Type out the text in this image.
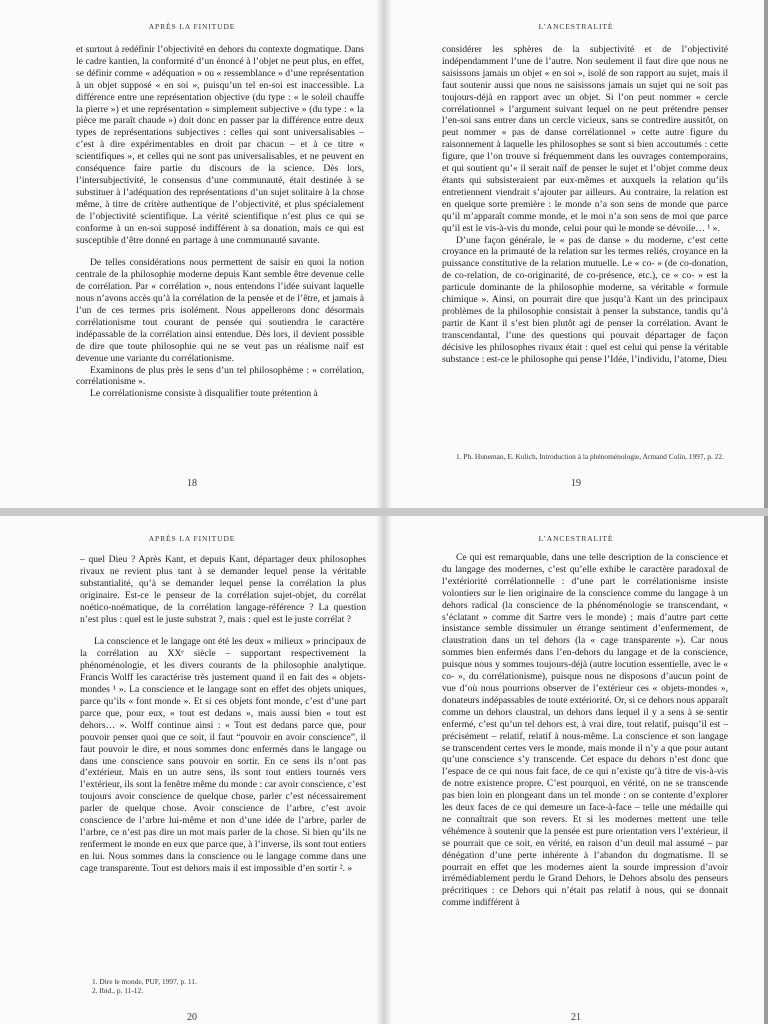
APRÈS LA FINITUDE

et surtout à redéfinir l’objectivité en dehors du contexte dogmatique. Dans le cadre kantien, la conformité d’un énoncé à l’objet ne peut plus, en effet, se définir comme « adéquation » ou « ressemblance » d’une représentation à un objet supposé « en soi », puisqu’un tel en-soi est inaccessible. La différence entre une représentation objective (du type : « le soleil chauffe la pierre ») et une représentation « simplement subjective » (du type : « la pièce me paraît chaude ») doit donc en passer par la différence entre deux types de représentations subjectives : celles qui sont universalisables – c’est à dire expérimentables en droit par chacun – et à ce titre « scientifiques », et celles qui ne sont pas universalisables, et ne peuvent en conséquence faire partie du discours de la science. Dès lors, l’intersubjectivité, le consensus d’une communauté, était destinée à se substituer à l’adéquation des représentations d’un sujet solitaire à la chose même, à titre de critère authentique de l’objectivité, et plus spécialement de l’objectivité scientifique. La vérité scientifique n’est plus ce qui se conforme à un en-soi supposé indifférent à sa donation, mais ce qui est susceptible d’être donné en partage à une communauté savante.

De telles considérations nous permettent de saisir en quoi la notion centrale de la philosophie moderne depuis Kant semble être devenue celle de corrélation. Par « corrélation », nous entendons l’idée suivant laquelle nous n’avons accès qu’à la corrélation de la pensée et de l’être, et jamais à l’un de ces termes pris isolément. Nous appellerons donc désormais corrélationisme tout courant de pensée qui soutiendra le caractère indépassable de la corrélation ainsi entendue. Dès lors, il devient possible de dire que toute philosophie qui ne se veut pas un réalisme naïf est devenue une variante du corrélationisme.

Examinons de plus près le sens d’un tel philosophème : « corrélation, corrélationisme ».

Le corrélationisme consiste à disqualifier toute prétention à

18
L’ANCESTRALITÉ

considérer les sphères de la subjectivité et de l’objectivité indépendamment l’une de l’autre. Non seulement il faut dire que nous ne saisissons jamais un objet « en soi », isolé de son rapport au sujet, mais il faut soutenir aussi que nous ne saisissons jamais un sujet qui ne soit pas toujours-déjà en rapport avec un objet. Si l’on peut nommer « cercle corrélationnel » l’argument suivant lequel on ne peut prétendre penser l’en-soi sans entrer dans un cercle vicieux, sans se contredire aussitôt, on peut nommer « pas de danse corrélationnel » cette autre figure du raisonnement à laquelle les philosophes se sont si bien accoutumés : cette figure, que l’on trouve si fréquemment dans les ouvrages contemporains, et qui soutient qu’« il serait naïf de penser le sujet et l’objet comme deux étants qui subsisteraient par eux-mêmes et auxquels la relation qu’ils entretiennent viendrait s’ajouter par ailleurs. Au contraire, la relation est en quelque sorte première : le monde n’a son sens de monde que parce qu’il m’apparaît comme monde, et le moi n’a son sens de moi que parce qu’il est le vis-à-vis du monde, celui pour qui le monde se dévoile… ¹ ».

D’une façon générale, le « pas de danse » du moderne, c’est cette croyance en la primauté de la relation sur les termes reliés, croyance en la puissance constitutive de la relation mutuelle. Le « co- » (de co-donation, de co-relation, de co-originarité, de co-présence, etc.), ce « co- » est la particule dominante de la philosophie moderne, sa véritable « formule chimique ». Ainsi, on pourrait dire que jusqu’à Kant un des principaux problèmes de la philosophie consistait à penser la substance, tandis qu’à partir de Kant il s’est bien plutôt agi de penser la corrélation. Avant le transcendantal, l’une des questions qui pouvait départager de façon décisive les philosophes rivaux était : quel est celui qui pense la véritable substance : est-ce le philosophe qui pense l’Idée, l’individu, l’atome, Dieu

1. Ph. Huneman, E. Kulich, Introduction à la phénoménologie, Armand Colin, 1997, p. 22.
19
APRÈS LA FINITUDE

– quel Dieu ? Après Kant, et depuis Kant, départager deux philosophes rivaux ne revient plus tant à se demander lequel pense la véritable substantialité, qu’à se demander lequel pense la corrélation la plus originaire. Est-ce le penseur de la corrélation sujet-objet, du corrélat noético-noématique, de la corrélation langage-référence ? La question n’est plus : quel est le juste substrat ?, mais : quel est le juste corrélat ?

La conscience et le langage ont été les deux « milieux » principaux de la corrélation au XXᵉ siècle – supportant respectivement la phénoménologie, et les divers courants de la philosophie analytique. Francis Wolff les caractérise très justement quand il en fait des « objets-mondes ¹ ». La conscience et le langage sont en effet des objets uniques, parce qu’ils « font monde ». Et si ces objets font monde, c’est d’une part parce que, pour eux, « tout est dedans », mais aussi bien « tout est dehors… ». Wolff continue ainsi : « Tout est dedans parce que, pour pouvoir penser quoi que ce soit, il faut “pouvoir en avoir conscience”, il faut pouvoir le dire, et nous sommes donc enfermés dans le langage ou dans une conscience sans pouvoir en sortir. En ce sens ils n’ont pas d’extérieur. Mais en un autre sens, ils sont tout entiers tournés vers l’extérieur, ils sont la fenêtre même du monde : car avoir conscience, c’est toujours avoir conscience de quelque chose, parler c’est nécessairement parler de quelque chose. Avoir conscience de l’arbre, c’est avoir conscience de l’arbre lui-même et non d’une idée de l’arbre, parler de l’arbre, ce n’est pas dire un mot mais parler de la chose. Si bien qu’ils ne renferment le monde en eux que parce que, à l’inverse, ils sont tout entiers en lui. Nous sommes dans la conscience ou le langage comme dans une cage transparente. Tout est dehors mais il est impossible d’en sortir ². »

1. Dire le monde, PUF, 1997, p. 11.
2. Ibid., p. 11-12.
20
L’ANCESTRALITÉ

Ce qui est remarquable, dans une telle description de la conscience et du langage des modernes, c’est qu’elle exhibe le caractère paradoxal de l’extériorité corrélationnelle : d’une part le corrélationisme insiste volontiers sur le lien originaire de la conscience comme du langage à un dehors radical (la conscience de la phénoménologie se transcendant, « s’éclatant » comme dit Sartre vers le monde) ; mais d’autre part cette insistance semble dissimuler un étrange sentiment d’enfermement, de claustration dans un tel dehors (la « cage transparente »). Car nous sommes bien enfermés dans l’en-dehors du langage et de la conscience, puisque nous y sommes toujours-déjà (autre locution essentielle, avec le « co- », du corrélationisme), puisque nous ne disposons d’aucun point de vue d’où nous pourrions observer de l’extérieur ces « objets-mondes », donateurs indépassables de toute extériorité. Or, si ce dehors nous apparaît comme un dehors claustral, un dehors dans lequel il y a sens à se sentir enfermé, c’est qu’un tel dehors est, à vrai dire, tout relatif, puisqu’il est – précisément – relatif, relatif à nous-même. La conscience et son langage se transcendent certes vers le monde, mais monde il n’y a que pour autant qu’une conscience s’y transcende. Cet espace du dehors n’est donc que l’espace de ce qui nous fait face, de ce qui n’existe qu’à titre de vis-à-vis de notre existence propre. C’est pourquoi, en vérité, on ne se transcende pas bien loin en plongeant dans un tel monde : on se contente d’explorer les deux faces de ce qui demeure un face-à-face – telle une médaille qui ne connaîtrait que son revers. Et si les modernes mettent une telle véhémence à soutenir que la pensée est pure orientation vers l’extérieur, il se pourrait que ce soit, en vérité, en raison d’un deuil mal assumé – par dénégation d’une perte inhérente à l’abandon du dogmatisme. Il se pourrait en effet que les modernes aient la sourde impression d’avoir irrémédiablement perdu le Grand Dehors, le Dehors absolu des penseurs précritiques : ce Dehors qui n’était pas relatif à nous, qui se donnait comme indifférent à

21
